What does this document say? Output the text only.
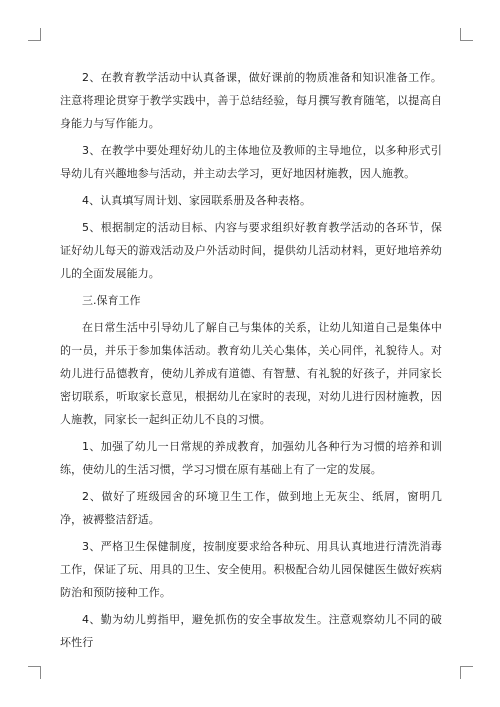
2、在教育教学活动中认真备课，做好课前的物质准备和知识准备工作。注意将理论贯穿于教学实践中，善于总结经验，每月撰写教育随笔，以提高自身能力与写作能力。

3、在教学中要处理好幼儿的主体地位及教师的主导地位，以多种形式引导幼儿有兴趣地参与活动，并主动去学习，更好地因材施教，因人施教。

4、认真填写周计划、家园联系册及各种表格。

5、根据制定的活动目标、内容与要求组织好教育教学活动的各环节，保证好幼儿每天的游戏活动及户外活动时间，提供幼儿活动材料，更好地培养幼儿的全面发展能力。

三.保育工作

在日常生活中引导幼儿了解自己与集体的关系，让幼儿知道自己是集体中的一员，并乐于参加集体活动。教育幼儿关心集体，关心同伴，礼貌待人。对幼儿进行品德教育，使幼儿养成有道德、有智慧、有礼貌的好孩子，并同家长密切联系，听取家长意见，根据幼儿在家时的表现，对幼儿进行因材施教，因人施教，同家长一起纠正幼儿不良的习惯。

1、加强了幼儿一日常规的养成教育，加强幼儿各种行为习惯的培养和训练，使幼儿的生活习惯，学习习惯在原有基础上有了一定的发展。

2、做好了班级园舍的环境卫生工作，做到地上无灰尘、纸屑，窗明几净，被褥整洁舒适。

3、严格卫生保健制度，按制度要求给各种玩、用具认真地进行清洗消毒工作，保证了玩、用具的卫生、安全使用。积极配合幼儿园保健医生做好疾病防治和预防接种工作。

4、勤为幼儿剪指甲，避免抓伤的安全事故发生。注意观察幼儿不同的破坏性行
